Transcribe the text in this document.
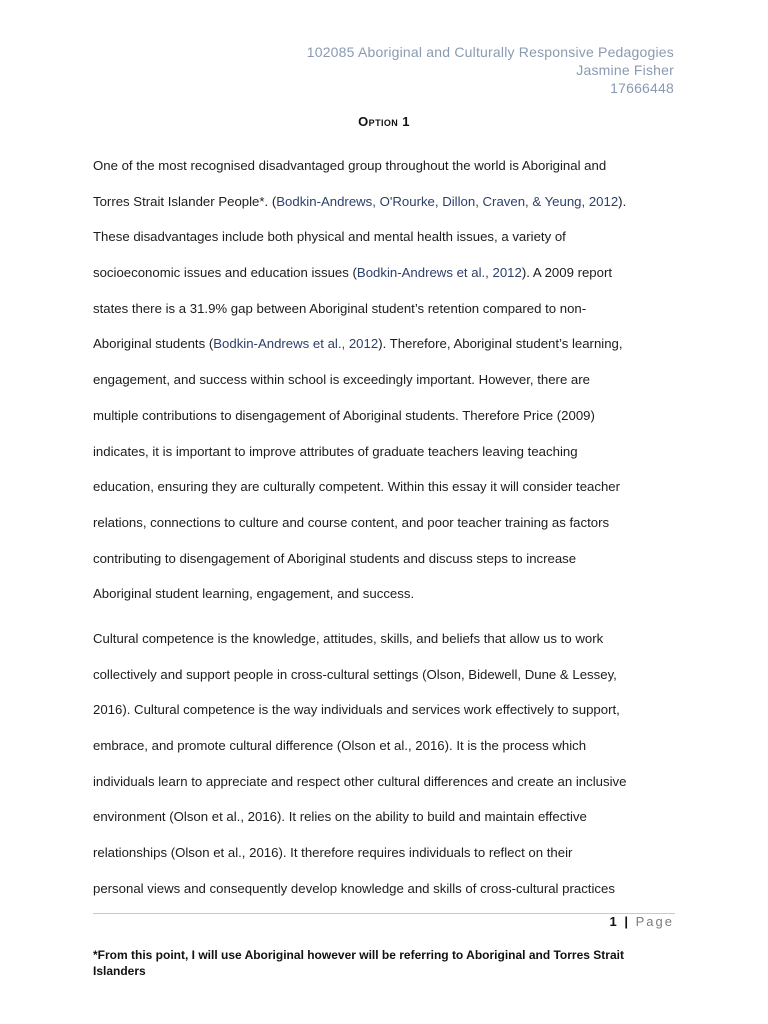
102085 Aboriginal and Culturally Responsive Pedagogies
Jasmine Fisher
17666448
Option 1
One of the most recognised disadvantaged group throughout the world is Aboriginal and
Torres Strait Islander People*. (Bodkin-Andrews, O'Rourke, Dillon, Craven, & Yeung, 2012).
These disadvantages include both physical and mental health issues, a variety of
socioeconomic issues and education issues (Bodkin-Andrews et al., 2012). A 2009 report
states there is a 31.9% gap between Aboriginal student’s retention compared to non-
Aboriginal students (Bodkin-Andrews et al., 2012). Therefore, Aboriginal student’s learning,
engagement, and success within school is exceedingly important. However, there are
multiple contributions to disengagement of Aboriginal students. Therefore Price (2009)
indicates, it is important to improve attributes of graduate teachers leaving teaching
education, ensuring they are culturally competent. Within this essay it will consider teacher
relations, connections to culture and course content, and poor teacher training as factors
contributing to disengagement of Aboriginal students and discuss steps to increase
Aboriginal student learning, engagement, and success.
Cultural competence is the knowledge, attitudes, skills, and beliefs that allow us to work
collectively and support people in cross-cultural settings (Olson, Bidewell, Dune & Lessey,
2016). Cultural competence is the way individuals and services work effectively to support,
embrace, and promote cultural difference (Olson et al., 2016). It is the process which
individuals learn to appreciate and respect other cultural differences and create an inclusive
environment (Olson et al., 2016). It relies on the ability to build and maintain effective
relationships (Olson et al., 2016). It therefore requires individuals to reflect on their
personal views and consequently develop knowledge and skills of cross-cultural practices
1 | Page
*From this point, I will use Aboriginal however will be referring to Aboriginal and Torres Strait Islanders
